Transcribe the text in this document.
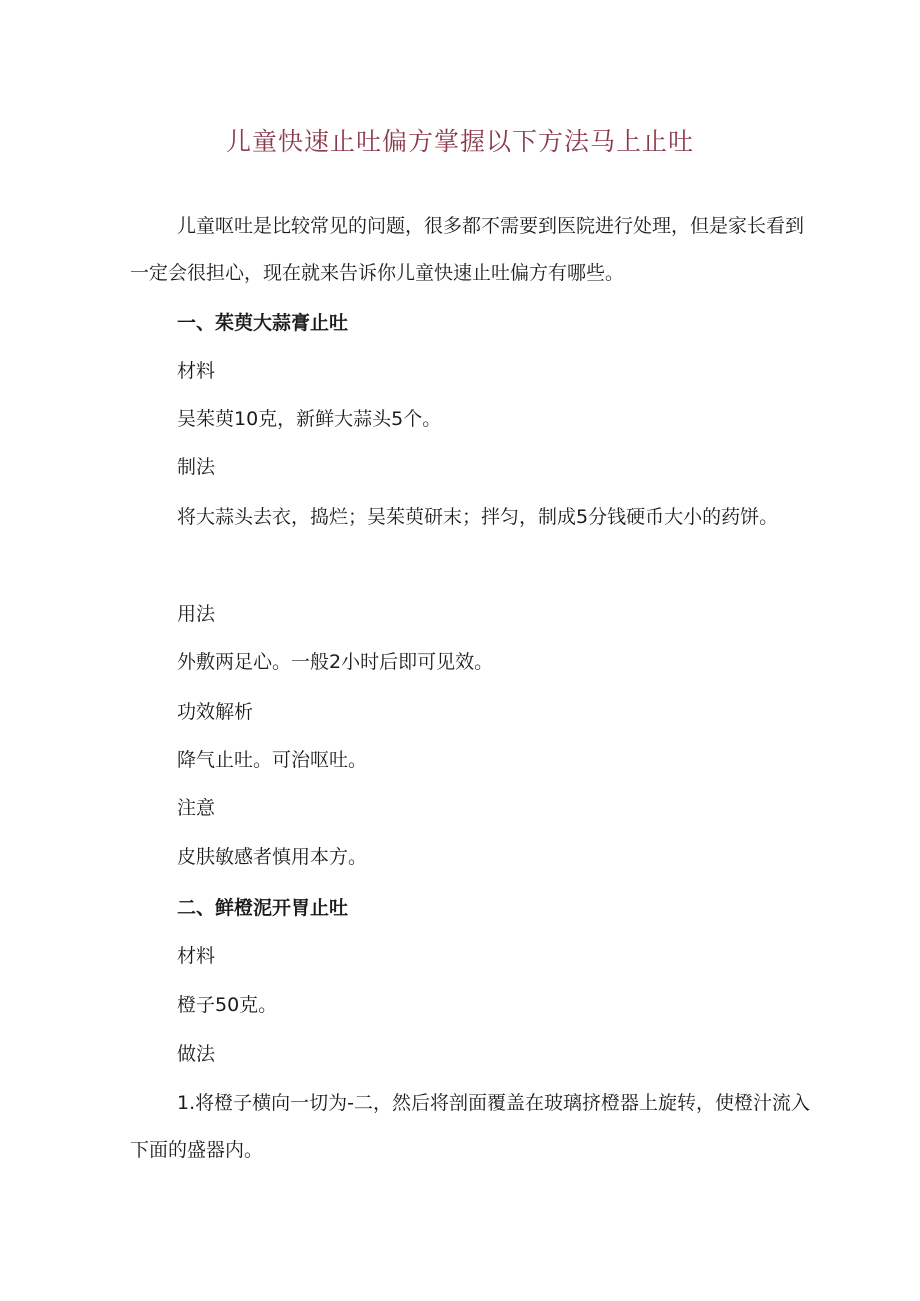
儿童快速止吐偏方掌握以下方法马上止吐

儿童呕吐是比较常见的问题，很多都不需要到医院进行处理，但是家长看到一定会很担心，现在就来告诉你儿童快速止吐偏方有哪些。

一、茱萸大蒜膏止吐

材料

吴茱萸10克，新鲜大蒜头5个。

制法

将大蒜头去衣，捣烂；吴茱萸研末；拌匀，制成5分钱硬币大小的药饼。

用法

外敷两足心。一般2小时后即可见效。

功效解析

降气止吐。可治呕吐。

注意

皮肤敏感者慎用本方。

二、鲜橙泥开胃止吐

材料

橙子50克。

做法

1.将橙子横向一切为-二，然后将剖面覆盖在玻璃挤橙器上旋转，使橙汁流入下面的盛器内。
